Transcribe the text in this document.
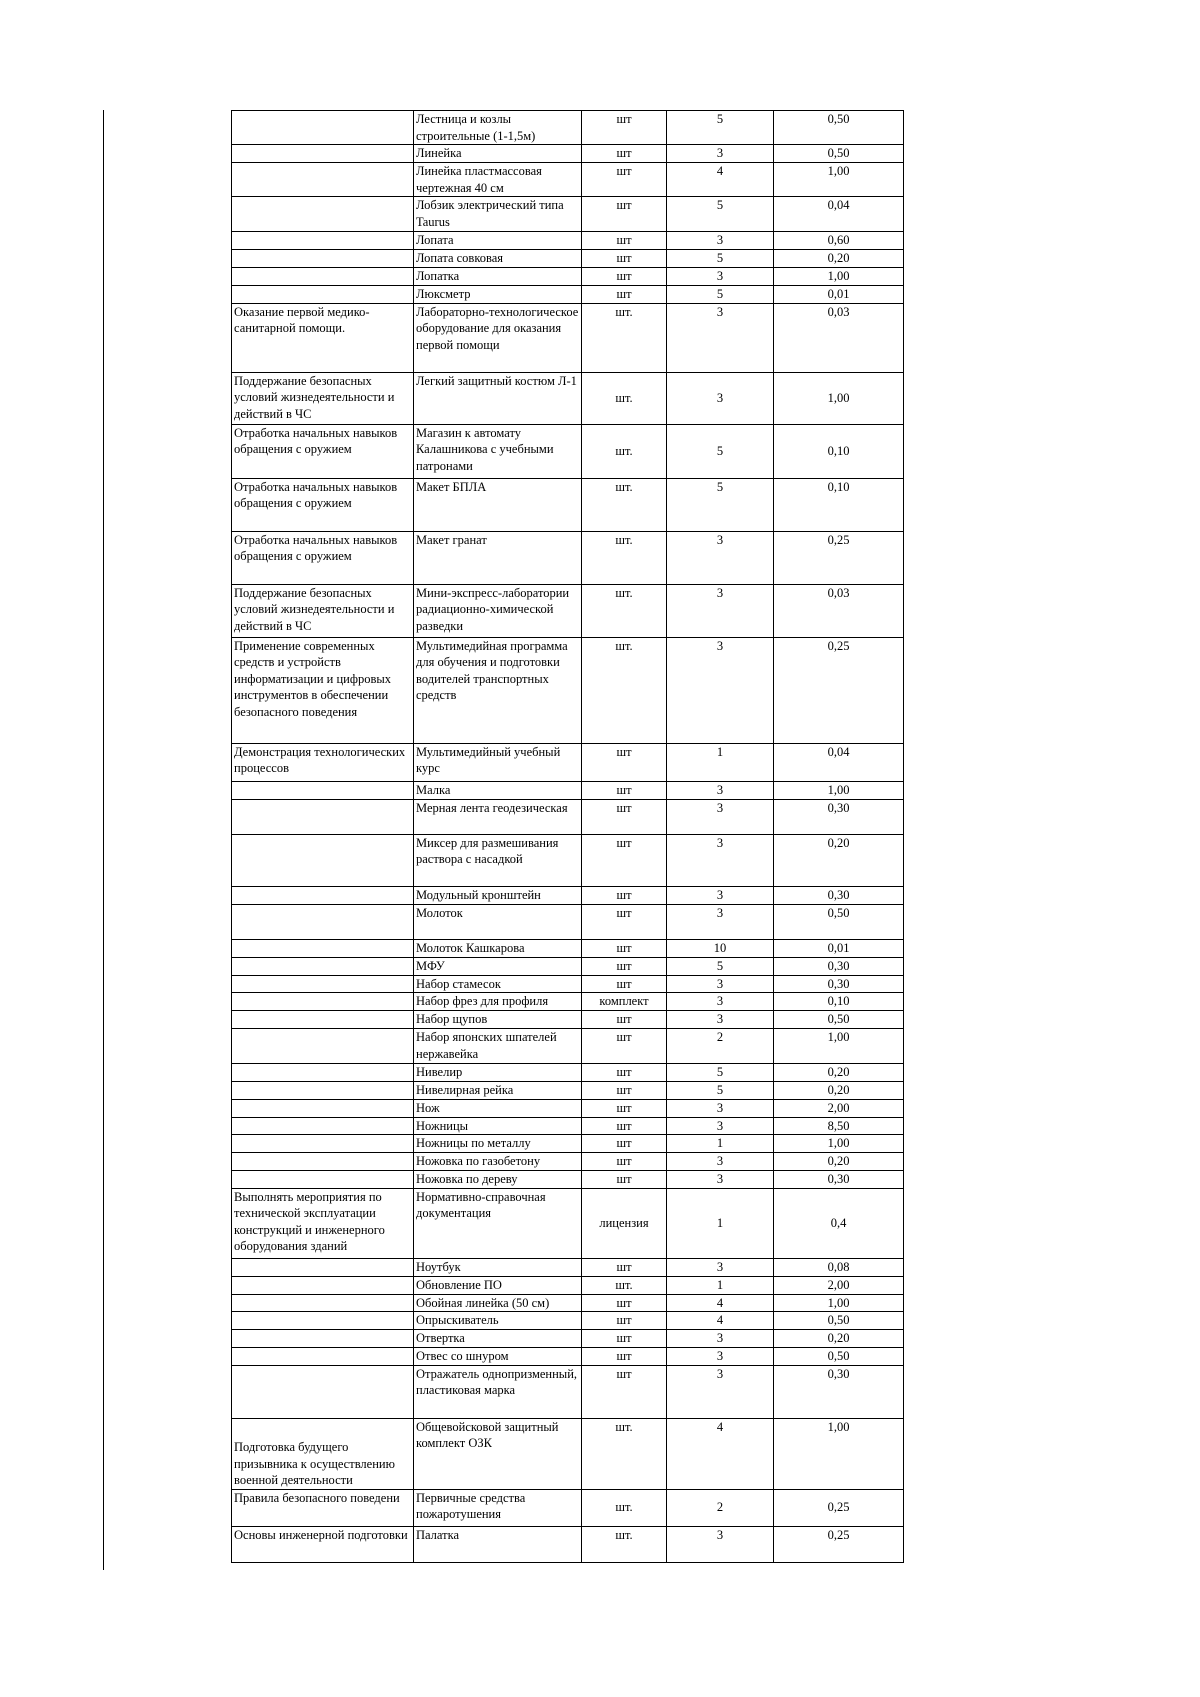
	Лестница и козлы строительные (1-1,5м)	шт	5	0,50
	Линейка	шт	3	0,50
	Линейка пластмассовая чертежная 40 см	шт	4	1,00
	Лобзик электрический типа Taurus	шт	5	0,04
	Лопата	шт	3	0,60
	Лопата совковая	шт	5	0,20
	Лопатка	шт	3	1,00
	Люксметр	шт	5	0,01
Оказание первой медико-санитарной помощи.	Лабораторно-технологическое оборудование для оказания первой помощи	шт.	3	0,03
Поддержание безопасных условий жизнедеятельности и действий в ЧС	Легкий защитный костюм Л-1	шт.	3	1,00
Отработка начальных навыков обращения с оружием	Магазин к автомату Калашникова с учебными патронами	шт.	5	0,10
Отработка начальных навыков обращения с оружием	Макет БПЛА	шт.	5	0,10
Отработка начальных навыков обращения с оружием	Макет гранат	шт.	3	0,25
Поддержание безопасных условий жизнедеятельности и действий в ЧС	Мини-экспресс-лаборатории радиационно-химической разведки	шт.	3	0,03
Применение современных средств и устройств информатизации и цифровых инструментов в обеспечении безопасного поведения	Мультимедийная программа для обучения и подготовки водителей транспортных средств	шт.	3	0,25
Демонстрация технологических процессов	Мультимедийный учебный курс	шт	1	0,04
	Малка	шт	3	1,00
	Мерная лента геодезическая	шт	3	0,30
	Миксер для размешивания раствора с насадкой	шт	3	0,20
	Модульный кронштейн	шт	3	0,30
	Молоток	шт	3	0,50
	Молоток Кашкарова	шт	10	0,01
	МФУ	шт	5	0,30
	Набор стамесок	шт	3	0,30
	Набор фрез для профиля	комплект	3	0,10
	Набор щупов	шт	3	0,50
	Набор японских шпателей нержавейка	шт	2	1,00
	Нивелир	шт	5	0,20
	Нивелирная рейка	шт	5	0,20
	Нож	шт	3	2,00
	Ножницы	шт	3	8,50
	Ножницы по металлу	шт	1	1,00
	Ножовка по газобетону	шт	3	0,20
	Ножовка по дереву	шт	3	0,30
Выполнять мероприятия по технической эксплуатации конструкций и инженерного оборудования зданий	Нормативно-справочная документация	лицензия	1	0,4
	Ноутбук	шт	3	0,08
	Обновление ПО	шт.	1	2,00
	Обойная линейка (50 см)	шт	4	1,00
	Опрыскиватель	шт	4	0,50
	Отвертка	шт	3	0,20
	Отвес со шнуром	шт	3	0,50
	Отражатель однопризменный, пластиковая марка	шт	3	0,30
Подготовка будущего призывника к осуществлению военной деятельности	Общевойсковой защитный комплект ОЗК	шт.	4	1,00
Правила безопасного поведени	Первичные средства пожаротушения	шт.	2	0,25
Основы инженерной подготовки	Палатка	шт.	3	0,25
